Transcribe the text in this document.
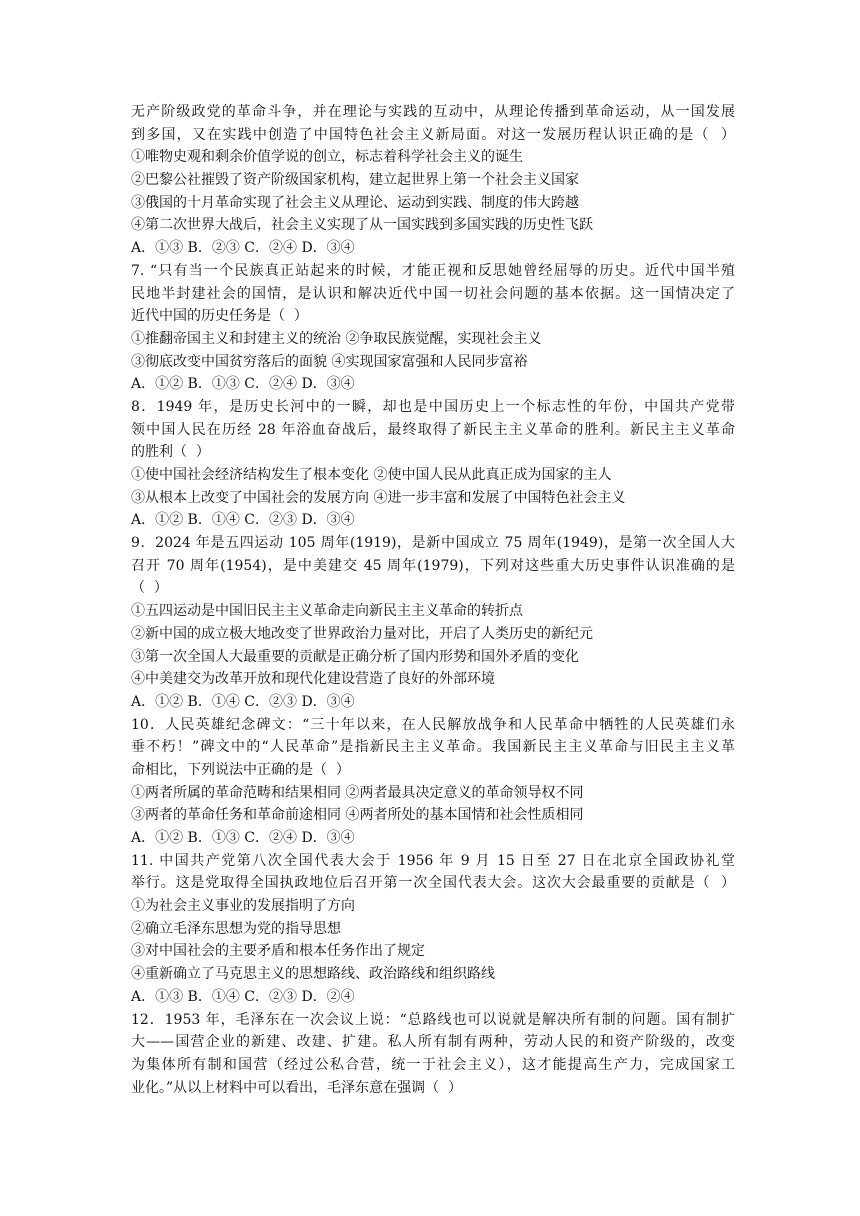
无产阶级政党的革命斗争，并在理论与实践的互动中，从理论传播到革命运动，从一国发展
到多国，又在实践中创造了中国特色社会主义新局面。对这一发展历程认识正确的是（  ）
①唯物史观和剩余价值学说的创立，标志着科学社会主义的诞生
②巴黎公社摧毁了资产阶级国家机构，建立起世界上第一个社会主义国家
③俄国的十月革命实现了社会主义从理论、运动到实践、制度的伟大跨越
④第二次世界大战后，社会主义实现了从一国实践到多国实践的历史性飞跃
A．①③ B．②③ C．②④ D．③④
7. “只有当一个民族真正站起来的时候，才能正视和反思她曾经屈辱的历史。近代中国半殖
民地半封建社会的国情，是认识和解决近代中国一切社会问题的基本依据。这一国情决定了
近代中国的历史任务是（  ）
①推翻帝国主义和封建主义的统治 ②争取民族觉醒，实现社会主义
③彻底改变中国贫穷落后的面貌 ④实现国家富强和人民同步富裕
A．①② B．①③ C．②④ D．③④
8．1949 年，是历史长河中的一瞬，却也是中国历史上一个标志性的年份，中国共产党带
领中国人民在历经 28 年浴血奋战后，最终取得了新民主主义革命的胜利。新民主主义革命
的胜利（  ）
①使中国社会经济结构发生了根本变化 ②使中国人民从此真正成为国家的主人
③从根本上改变了中国社会的发展方向 ④进一步丰富和发展了中国特色社会主义
A．①② B．①④ C．②③ D．③④
9．2024 年是五四运动 105 周年(1919)，是新中国成立 75 周年(1949)，是第一次全国人大
召开 70 周年(1954)，是中美建交 45 周年(1979)，下列对这些重大历史事件认识准确的是
（  ）
①五四运动是中国旧民主主义革命走向新民主主义革命的转折点
②新中国的成立极大地改变了世界政治力量对比，开启了人类历史的新纪元
③第一次全国人大最重要的贡献是正确分析了国内形势和国外矛盾的变化
④中美建交为改革开放和现代化建设营造了良好的外部环境
A．①② B．①④ C．②③ D．③④
10．人民英雄纪念碑文：“三十年以来，在人民解放战争和人民革命中牺牲的人民英雄们永
垂不朽！”碑文中的“人民革命”是指新民主主义革命。我国新民主主义革命与旧民主主义革
命相比，下列说法中正确的是（  ）
①两者所属的革命范畴和结果相同 ②两者最具决定意义的革命领导权不同
③两者的革命任务和革命前途相同 ④两者所处的基本国情和社会性质相同
A．①② B．①③ C．②④ D．③④
11. 中国共产党第八次全国代表大会于 1956 年 9 月 15 日至 27 日在北京全国政协礼堂
举行。这是党取得全国执政地位后召开第一次全国代表大会。这次大会最重要的贡献是（  ）
①为社会主义事业的发展指明了方向
②确立毛泽东思想为党的指导思想
③对中国社会的主要矛盾和根本任务作出了规定
④重新确立了马克思主义的思想路线、政治路线和组织路线
A．①③ B．①④ C．②③ D．②④
12．1953 年，毛泽东在一次会议上说：“总路线也可以说就是解决所有制的问题。国有制扩
大——国营企业的新建、改建、扩建。私人所有制有两种，劳动人民的和资产阶级的，改变
为集体所有制和国营（经过公私合营，统一于社会主义），这才能提高生产力，完成国家工
业化。”从以上材料中可以看出，毛泽东意在强调（  ）
